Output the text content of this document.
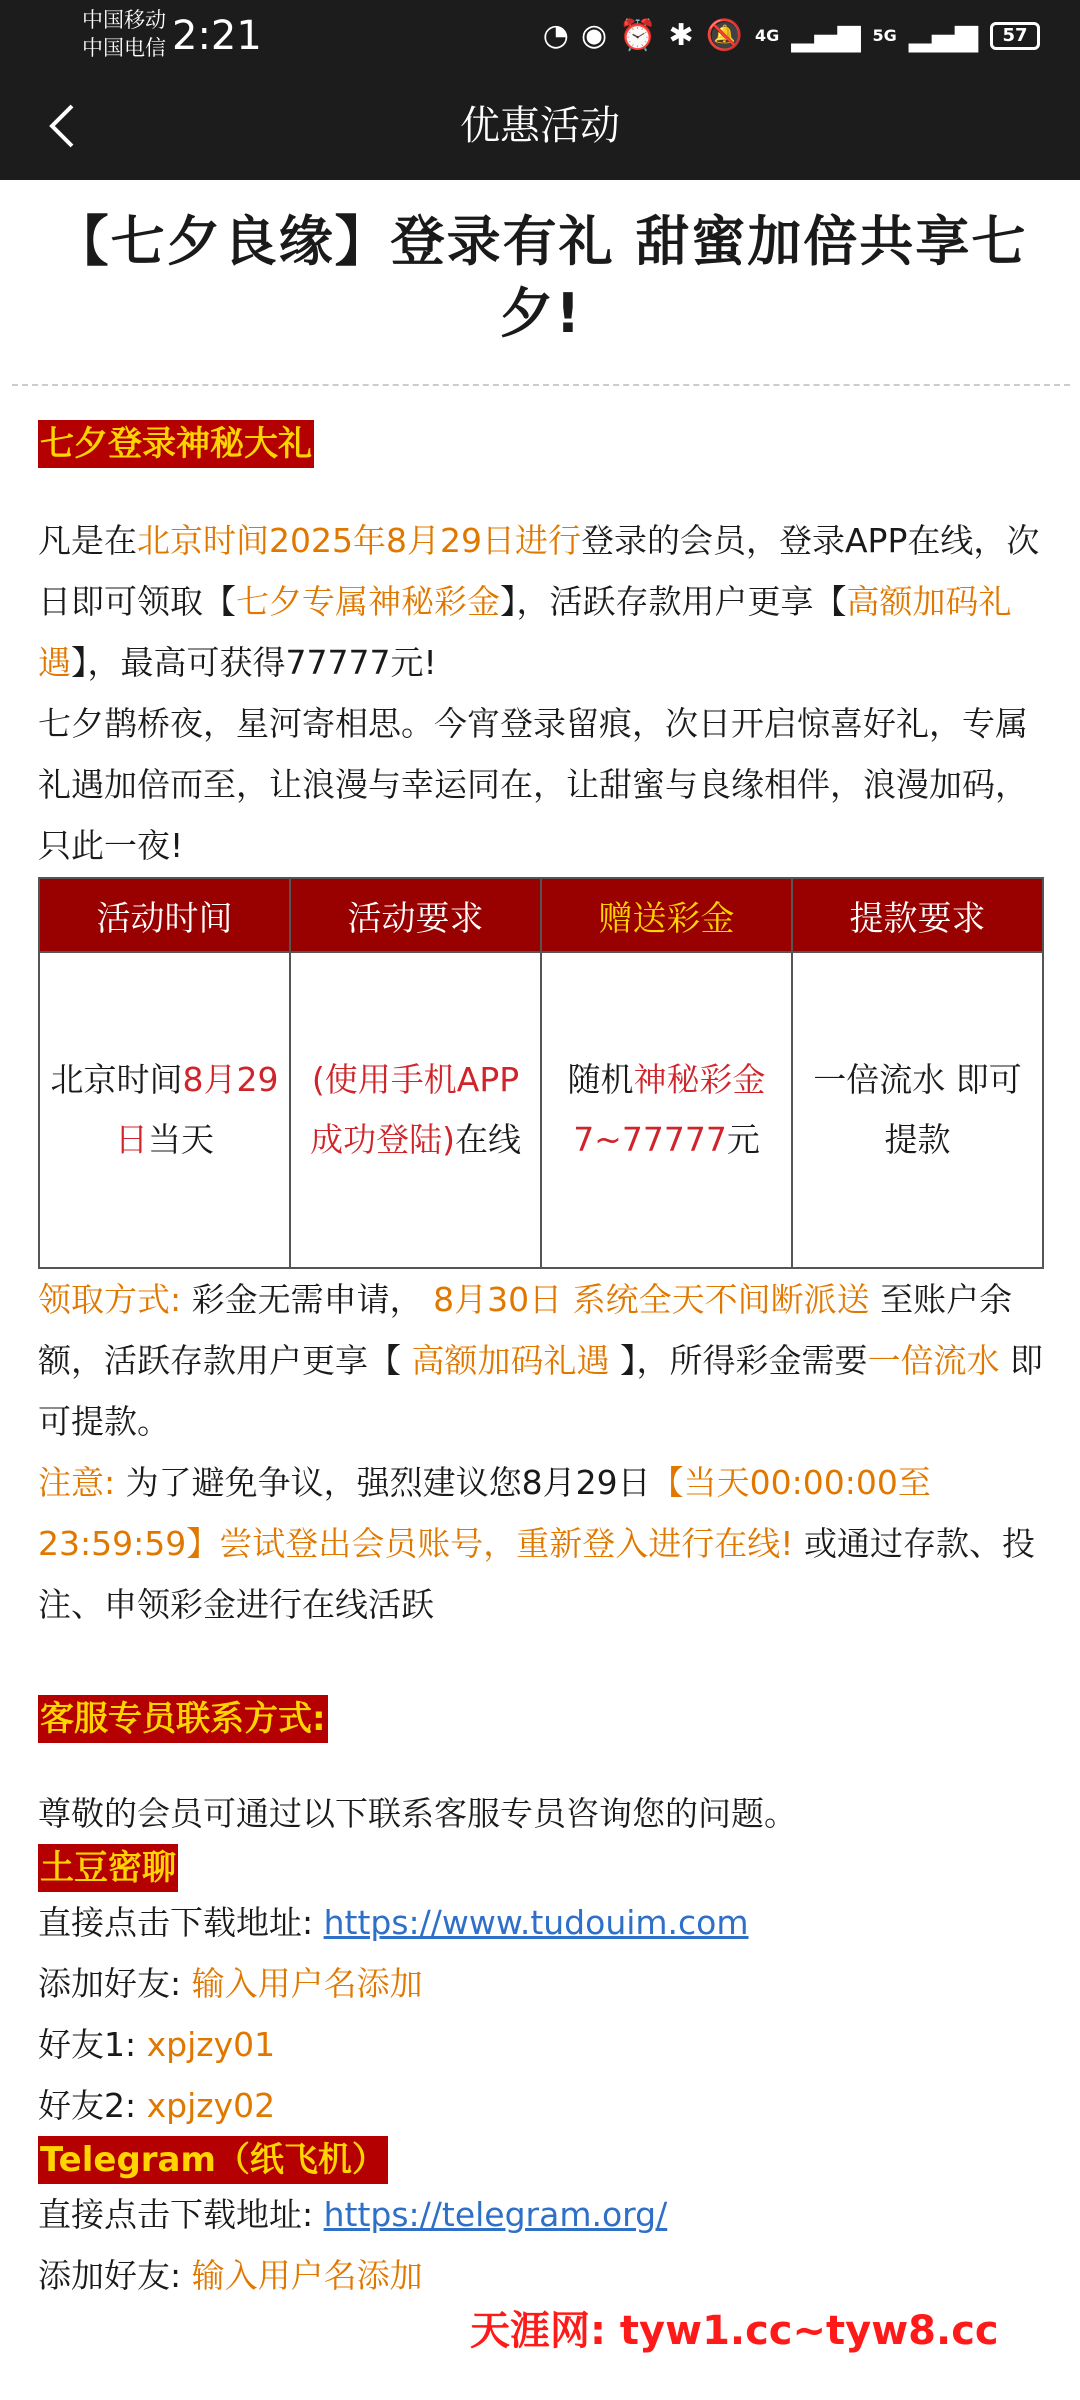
中国移动
中国电信 2:21	◔ ◉ ⏰ ✱ 🔕 4G ▂▄▆ 5G ▂▄▆	57
优惠活动
【七夕良缘】登录有礼 甜蜜加倍共享七夕!
七夕登录神秘大礼

凡是在北京时间2025年8月29日进行登录的会员，登录APP在线，次日即可领取【七夕专属神秘彩金】，活跃存款用户更享【高额加码礼遇】，最高可获得77777元!

七夕鹊桥夜，星河寄相思。今宵登录留痕，次日开启惊喜好礼，专属礼遇加倍而至，让浪漫与幸运同在，让甜蜜与良缘相伴，浪漫加码，只此一夜!

活动时间	活动要求	赠送彩金	提款要求
北京时间8月29日当天	(使用手机APP成功登陆)在线	随机神秘彩金7~77777元	一倍流水 即可提款

领取方式: 彩金无需申请， 8月30日 系统全天不间断派送 至账户余额，活跃存款用户更享【 高额加码礼遇 】，所得彩金需要一倍流水 即可提款。

注意: 为了避免争议，强烈建议您8月29日【当天00:00:00至23:59:59】尝试登出会员账号，重新登入进行在线! 或通过存款、投注、申领彩金进行在线活跃

客服专员联系方式:

尊敬的会员可通过以下联系客服专员咨询您的问题。

土豆密聊

直接点击下载地址: https://www.tudouim.com

添加好友: 输入用户名添加

好友1: xpjzy01

好友2: xpjzy02

Telegram（纸飞机）

直接点击下载地址: https://telegram.org/

添加好友: 输入用户名添加

天涯网: tyw1.cc~tyw8.cc
